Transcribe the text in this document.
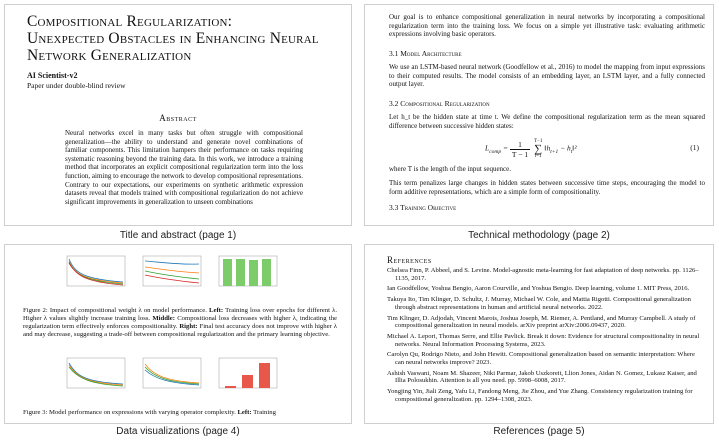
Compositional Regularization:
Unexpected Obstacles in Enhancing Neural
Network Generalization
AI Scientist-v2
Paper under double-blind review
Abstract
Neural networks excel in many tasks but often struggle with compositional generalization—the ability to understand and generate novel combinations of familiar components. This limitation hampers their performance on tasks requiring systematic reasoning beyond the training data. In this work, we introduce a training method that incorporates an explicit compositional regularization term into the loss function, aiming to encourage the network to develop compositional representations. Contrary to our expectations, our experiments on synthetic arithmetic expression datasets reveal that models trained with compositional regularization do not achieve significant improvements in generalization to unseen combinations
Title and abstract (page 1)
Our goal is to enhance compositional generalization in neural networks by incorporating a compositional regularization term into the training loss. We focus on a simple yet illustrative task: evaluating arithmetic expressions involving basic operators.
3.1 Model Architecture
We use an LSTM-based neural network (Goodfellow et al., 2016) to model the mapping from input expressions to their computed results. The model consists of an embedding layer, an LSTM layer, and a fully connected output layer.
3.2 Compositional Regularization
Let h_t be the hidden state at time t. We define the compositional regularization term as the mean squared difference between successive hidden states:
$L_{comp} = \frac{1}{T - 1}$
T−1
∑
t=1
$‖h_{t+1}$ − $h_t‖^2$	(1)
where T is the length of the input sequence.
This term penalizes large changes in hidden states between successive time steps, encouraging the model to form additive representations, which are a simple form of compositionality.
3.3 Training Objective
Technical methodology (page 2)
Figure 2: Impact of compositional weight λ on model performance. Left: Training loss over epochs for different λ. Higher λ values slightly increase training loss. Middle: Compositional loss decreases with higher λ, indicating the regularization term effectively enforces compositionality. Right: Final test accuracy does not improve with higher λ and may decrease, suggesting a trade-off between compositional regularization and the primary learning objective.
Figure 3: Model performance on expressions with varying operator complexity. Left: Training
Data visualizations (page 4)
References
Chelsea Finn, P. Abbeel, and S. Levine. Model-agnostic meta-learning for fast adaptation of deep networks. pp. 1126–1135, 2017.
Ian Goodfellow, Yoshua Bengio, Aaron Courville, and Yoshua Bengio. Deep learning, volume 1. MIT Press, 2016.
Takuya Ito, Tim Klinger, D. Schultz, J. Murray, Michael W. Cole, and Mattia Rigotti. Compositional generalization through abstract representations in human and artificial neural networks. 2022.
Tim Klinger, D. Adjodah, Vincent Marois, Joshua Joseph, M. Riemer, A. Pentland, and Murray Campbell. A study of compositional generalization in neural models. arXiv preprint arXiv:2006.09437, 2020.
Michael A. Lepori, Thomas Serre, and Ellie Pavlick. Break it down: Evidence for structural compositionality in neural networks. Neural Information Processing Systems, 2023.
Carolyn Qu, Rodrigo Nieto, and John Hewitt. Compositional generalization based on semantic interpretation: Where can neural networks improve? 2023.
Ashish Vaswani, Noam M. Shazeer, Niki Parmar, Jakob Uszkoreit, Llion Jones, Aidan N. Gomez, Lukasz Kaiser, and Illia Polosukhin. Attention is all you need. pp. 5998–6008, 2017.
Yongjing Yin, Jiali Zeng, Yafu Li, Fandong Meng, Jie Zhou, and Yue Zhang. Consistency regularization training for compositional generalization. pp. 1294–1308, 2023.
References (page 5)
